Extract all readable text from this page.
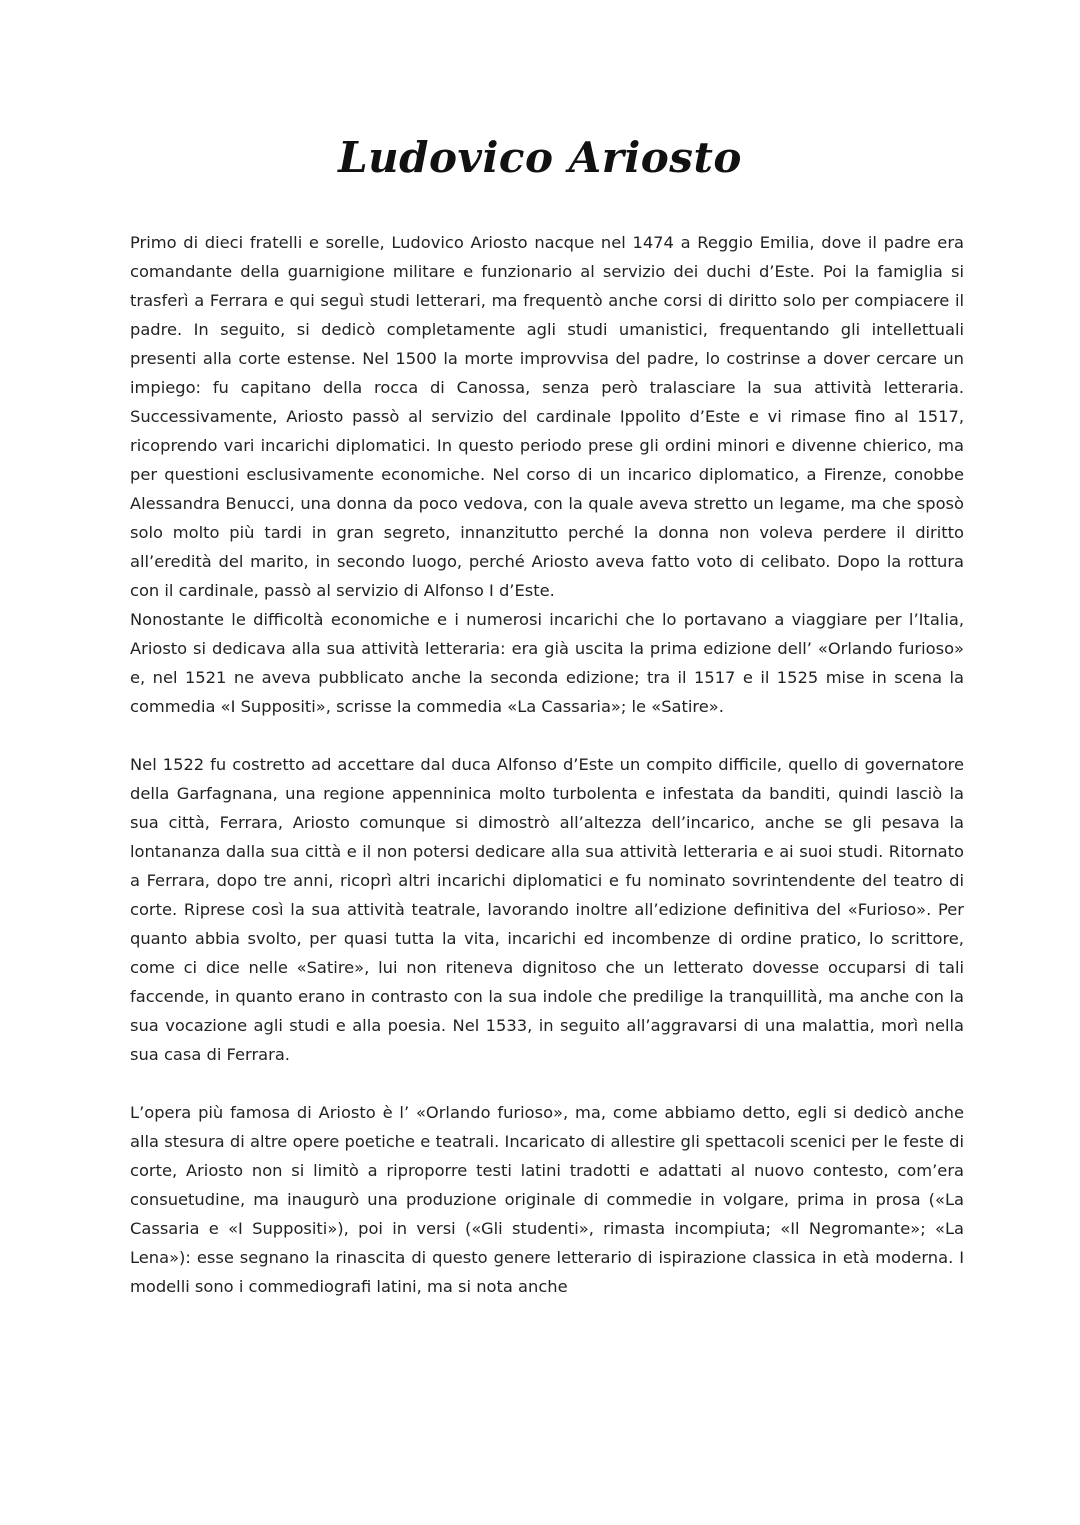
Ludovico Ariosto

Primo di dieci fratelli e sorelle, Ludovico Ariosto nacque nel 1474 a Reggio Emilia, dove il padre era comandante della guarnigione militare e funzionario al servizio dei duchi d’Este. Poi la famiglia si trasferì a Ferrara e qui seguì studi letterari, ma frequentò anche corsi di diritto solo per compiacere il padre. In seguito, si dedicò completamente agli studi umanistici, frequentando gli intellettuali presenti alla corte estense. Nel 1500 la morte improvvisa del padre, lo costrinse a dover cercare un impiego: fu capitano della rocca di Canossa, senza però tralasciare la sua attività letteraria. Successivamente, Ariosto passò al servizio del cardinale Ippolito d’Este e vi rimase fino al 1517, ricoprendo vari incarichi diplomatici. In questo periodo prese gli ordini minori e divenne chierico, ma per questioni esclusivamente economiche. Nel corso di un incarico diplomatico, a Firenze, conobbe Alessandra Benucci, una donna da poco vedova, con la quale aveva stretto un legame, ma che sposò solo molto più tardi in gran segreto, innanzitutto perché la donna non voleva perdere il diritto all’eredità del marito, in secondo luogo, perché Ariosto aveva fatto voto di celibato. Dopo la rottura con il cardinale, passò al servizio di Alfonso I d’Este.

Nonostante le difficoltà economiche e i numerosi incarichi che lo portavano a viaggiare per l’Italia, Ariosto si dedicava alla sua attività letteraria: era già uscita la prima edizione dell’ «Orlando furioso» e, nel 1521 ne aveva pubblicato anche la seconda edizione; tra il 1517 e il 1525 mise in scena la commedia «I Suppositi», scrisse la commedia «La Cassaria»; le «Satire».

Nel 1522 fu costretto ad accettare dal duca Alfonso d’Este un compito difficile, quello di governatore della Garfagnana, una regione appenninica molto turbolenta e infestata da banditi, quindi lasciò la sua città, Ferrara, Ariosto comunque si dimostrò all’altezza dell’incarico, anche se gli pesava la lontananza dalla sua città e il non potersi dedicare alla sua attività letteraria e ai suoi studi. Ritornato a Ferrara, dopo tre anni, ricoprì altri incarichi diplomatici e fu nominato sovrintendente del teatro di corte. Riprese così la sua attività teatrale, lavorando inoltre all’edizione definitiva del «Furioso». Per quanto abbia svolto, per quasi tutta la vita, incarichi ed incombenze di ordine pratico, lo scrittore, come ci dice nelle «Satire», lui non riteneva dignitoso che un letterato dovesse occuparsi di tali faccende, in quanto erano in contrasto con la sua indole che predilige la tranquillità, ma anche con la sua vocazione agli studi e alla poesia. Nel 1533, in seguito all’aggravarsi di una malattia, morì nella sua casa di Ferrara.

L’opera più famosa di Ariosto è l’ «Orlando furioso», ma, come abbiamo detto, egli si dedicò anche alla stesura di altre opere poetiche e teatrali. Incaricato di allestire gli spettacoli scenici per le feste di corte, Ariosto non si limitò a riproporre testi latini tradotti e adattati al nuovo contesto, com’era consuetudine, ma inaugurò una produzione originale di commedie in volgare, prima in prosa («La Cassaria e «I Suppositi»), poi in versi («Gli studenti», rimasta incompiuta; «Il Negromante»; «La Lena»): esse segnano la rinascita di questo genere letterario di ispirazione classica in età moderna. I modelli sono i commediografi latini, ma si nota anche
